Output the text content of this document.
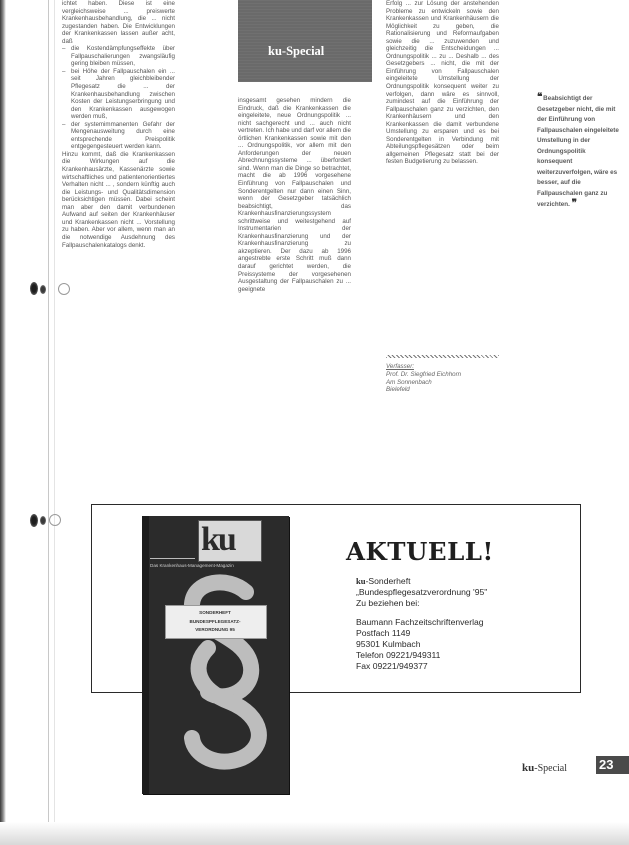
ichtet haben. Diese ist eine vergleichsweise ... preiswerte Krankenhausbehandlung, die ... nicht zugestanden haben. Die Entwicklungen der Krankenkassen lassen außer acht, daß

– die Kostendämpfungseffekte über Fallpauschalierungen zwangsläufig gering bleiben müssen,
– bei Höhe der Fallpauschalen ein ... seit Jahren gleichbleibender Pflegesatz die ... der Krankenhausbehandlung zwischen Kosten der Leistungserbringung und den Krankenkassen ausgewogen werden muß,
– der systemimmanenten Gefahr der Mengenausweitung durch eine entsprechende Preispolitik entgegengesteuert werden kann.

Hinzu kommt, daß die Krankenkassen die Wirkungen auf die Krankenhausärzte, Kassenärzte sowie wirtschaftliches und patientenorientiertes Verhalten nicht ... , sondern künftig auch die Leistungs- und Qualitätsdimension berücksichtigen müssen. Dabei scheint man aber den damit verbundenen Aufwand auf seiten der Krankenhäuser und Krankenkassen nicht ... Vorstellung zu haben. Aber vor allem, wenn man an die notwendige Ausdehnung des Fallpauschalenkatalogs denkt.

ku-Special

insgesamt gesehen mindern die Eindruck, daß die Krankenkassen die eingeleitete, neue Ordnungspolitik ... nicht sachgerecht und ... auch nicht vertreten. Ich habe und darf vor allem die örtlichen Krankenkassen sowie mit den ... Ordnungspolitik, vor allem mit den Anforderungen der neuen Abrechnungssysteme ... überfordert sind. Wenn man die Dinge so betrachtet, macht die ab 1996 vorgesehene Einführung von Fallpauschalen und Sonderentgelten nur dann einen Sinn, wenn der Gesetzgeber tatsächlich beabsichtigt, das Krankenhausfinanzierungssystem schrittweise und weitestgehend auf Instrumentarien der Krankenhausfinanzierung und der Krankenhausfinanzierung zu akzeptieren. Der dazu ab 1996 angestrebte erste Schritt muß dann darauf gerichtet werden, die Preissysteme der vorgesehenen Ausgestaltung der Fallpauschalen zu ... geeignete

Erfolg ... zur Lösung der anstehenden Probleme zu entwickeln sowie den Krankenkassen und Krankenhäusern die Möglichkeit zu geben, die Rationalisierung und Reformaufgaben sowie die ... zuzuwenden und gleichzeitig die Entscheidungen ... Ordnungspolitik ... zu ... Deshalb ... des Gesetzgebers ... nicht, die mit der Einführung von Fallpauschalen eingeleitete Umstellung der Ordnungspolitik konsequent weiter zu verfolgen, dann wäre es sinnvoll, zumindest auf die Einführung der Fallpauschalen ganz zu verzichten, den Krankenhäusern und den Krankenkassen die damit verbundene Umstellung zu ersparen und es bei Sonderentgelten in Verbindung mit Abteilungspflegesätzen oder beim allgemeinen Pflegesatz statt bei der festen Budgetierung zu belassen.

❝ Beabsichtigt der Gesetzgeber nicht, die mit der Einführung von Fallpauschalen eingeleitete Umstellung in der Ordnungspolitik konsequent weiterzuverfolgen, wäre es besser, auf die Fallpauschalen ganz zu verzichten. ❞
Verfasser:
Prof. Dr. Siegfried Eichhorn
Am Sonnenbach
Bielefeld
ku
Das Krankenhaus-Management-Magazin
SONDERHEFT
BUNDESPFLEGESATZ-
VERORDNUNG 95
AKTUELL!
ku-Sonderheft
„Bundespflegesatzverordnung '95"
Zu beziehen bei:
Baumann Fachzeitschriftenverlag
Postfach 1149
95301 Kulmbach
Telefon 09221/949311
Fax 09221/949377
ku-Special 23
